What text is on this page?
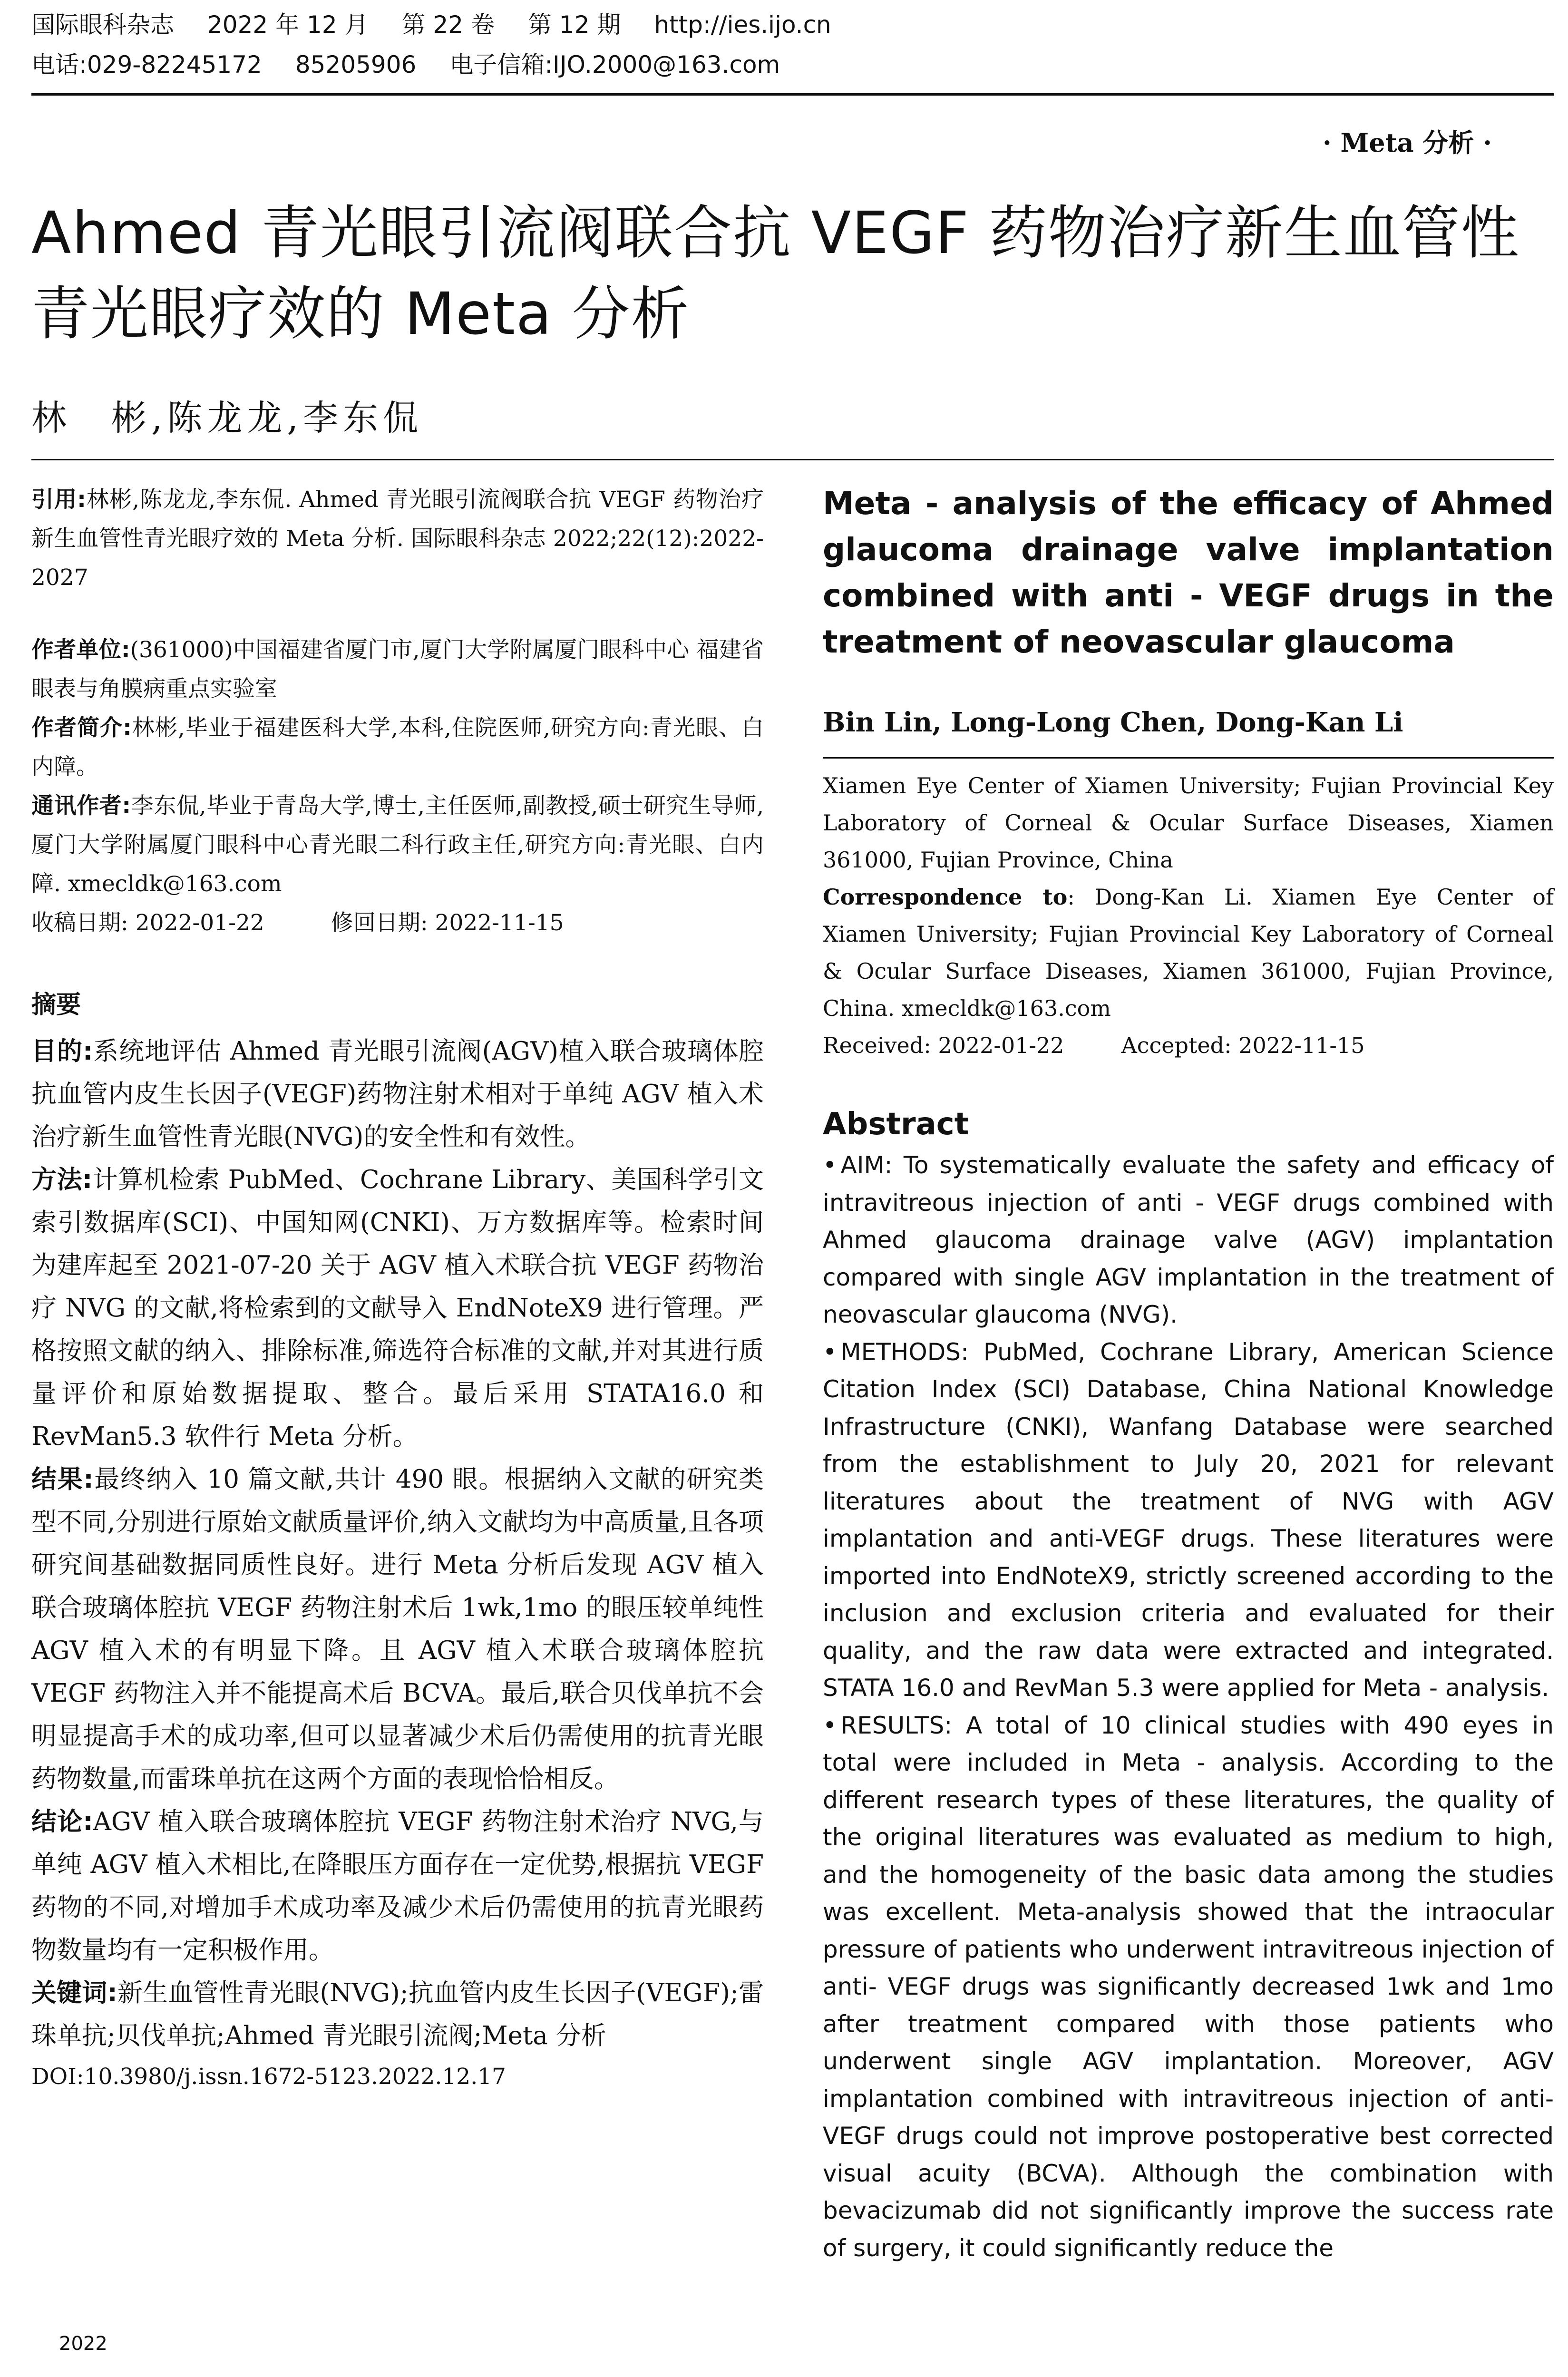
国际眼科杂志 2022 年 12 月 第 22 卷 第 12 期 http://ies.ijo.cn
电话:029-82245172 85205906 电子信箱:IJO.2000@163.com
· Meta 分析 ·
Ahmed 青光眼引流阀联合抗 VEGF 药物治疗新生血管性青光眼疗效的 Meta 分析
林　彬,陈龙龙,李东侃

引用:林彬,陈龙龙,李东侃. Ahmed 青光眼引流阀联合抗 VEGF 药物治疗新生血管性青光眼疗效的 Meta 分析. 国际眼科杂志 2022;22(12):2022-2027

作者单位:(361000)中国福建省厦门市,厦门大学附属厦门眼科中心 福建省眼表与角膜病重点实验室

作者简介:林彬,毕业于福建医科大学,本科,住院医师,研究方向:青光眼、白内障。

通讯作者:李东侃,毕业于青岛大学,博士,主任医师,副教授,硕士研究生导师,厦门大学附属厦门眼科中心青光眼二科行政主任,研究方向:青光眼、白内障. xmecldk@163.com

收稿日期: 2022-01-22	修回日期: 2022-11-15

摘要

目的:系统地评估 Ahmed 青光眼引流阀(AGV)植入联合玻璃体腔抗血管内皮生长因子(VEGF)药物注射术相对于单纯 AGV 植入术治疗新生血管性青光眼(NVG)的安全性和有效性。

方法:计算机检索 PubMed、Cochrane Library、美国科学引文索引数据库(SCI)、中国知网(CNKI)、万方数据库等。检索时间为建库起至 2021-07-20 关于 AGV 植入术联合抗 VEGF 药物治疗 NVG 的文献,将检索到的文献导入 EndNoteX9 进行管理。严格按照文献的纳入、排除标准,筛选符合标准的文献,并对其进行质量评价和原始数据提取、整合。最后采用 STATA16.0 和 RevMan5.3 软件行 Meta 分析。

结果:最终纳入 10 篇文献,共计 490 眼。根据纳入文献的研究类型不同,分别进行原始文献质量评价,纳入文献均为中高质量,且各项研究间基础数据同质性良好。进行 Meta 分析后发现 AGV 植入联合玻璃体腔抗 VEGF 药物注射术后 1wk,1mo 的眼压较单纯性 AGV 植入术的有明显下降。且 AGV 植入术联合玻璃体腔抗 VEGF 药物注入并不能提高术后 BCVA。最后,联合贝伐单抗不会明显提高手术的成功率,但可以显著减少术后仍需使用的抗青光眼药物数量,而雷珠单抗在这两个方面的表现恰恰相反。

结论:AGV 植入联合玻璃体腔抗 VEGF 药物注射术治疗 NVG,与单纯 AGV 植入术相比,在降眼压方面存在一定优势,根据抗 VEGF 药物的不同,对增加手术成功率及减少术后仍需使用的抗青光眼药物数量均有一定积极作用。

关键词:新生血管性青光眼(NVG);抗血管内皮生长因子(VEGF);雷珠单抗;贝伐单抗;Ahmed 青光眼引流阀;Meta 分析

DOI:10.3980/j.issn.1672-5123.2022.12.17

2022

Meta - analysis of the efficacy of Ahmed glaucoma drainage valve implantation combined with anti - VEGF drugs in the treatment of neovascular glaucoma

Bin Lin, Long-Long Chen, Dong-Kan Li

Xiamen Eye Center of Xiamen University; Fujian Provincial Key Laboratory of Corneal & Ocular Surface Diseases, Xiamen 361000, Fujian Province, China

Correspondence to: Dong-Kan Li. Xiamen Eye Center of Xiamen University; Fujian Provincial Key Laboratory of Corneal & Ocular Surface Diseases, Xiamen 361000, Fujian Province, China. xmecldk@163.com

Received: 2022-01-22	Accepted: 2022-11-15

Abstract

• AIM: To systematically evaluate the safety and efficacy of intravitreous injection of anti - VEGF drugs combined with Ahmed glaucoma drainage valve (AGV) implantation compared with single AGV implantation in the treatment of neovascular glaucoma (NVG).

• METHODS: PubMed, Cochrane Library, American Science Citation Index (SCI) Database, China National Knowledge Infrastructure (CNKI), Wanfang Database were searched from the establishment to July 20, 2021 for relevant literatures about the treatment of NVG with AGV implantation and anti-VEGF drugs. These literatures were imported into EndNoteX9, strictly screened according to the inclusion and exclusion criteria and evaluated for their quality, and the raw data were extracted and integrated. STATA 16.0 and RevMan 5.3 were applied for Meta - analysis.

• RESULTS: A total of 10 clinical studies with 490 eyes in total were included in Meta - analysis. According to the different research types of these literatures, the quality of the original literatures was evaluated as medium to high, and the homogeneity of the basic data among the studies was excellent. Meta-analysis showed that the intraocular pressure of patients who underwent intravitreous injection of anti- VEGF drugs was significantly decreased 1wk and 1mo after treatment compared with those patients who underwent single AGV implantation. Moreover, AGV implantation combined with intravitreous injection of anti- VEGF drugs could not improve postoperative best corrected visual acuity (BCVA). Although the combination with bevacizumab did not significantly improve the success rate of surgery, it could significantly reduce the
